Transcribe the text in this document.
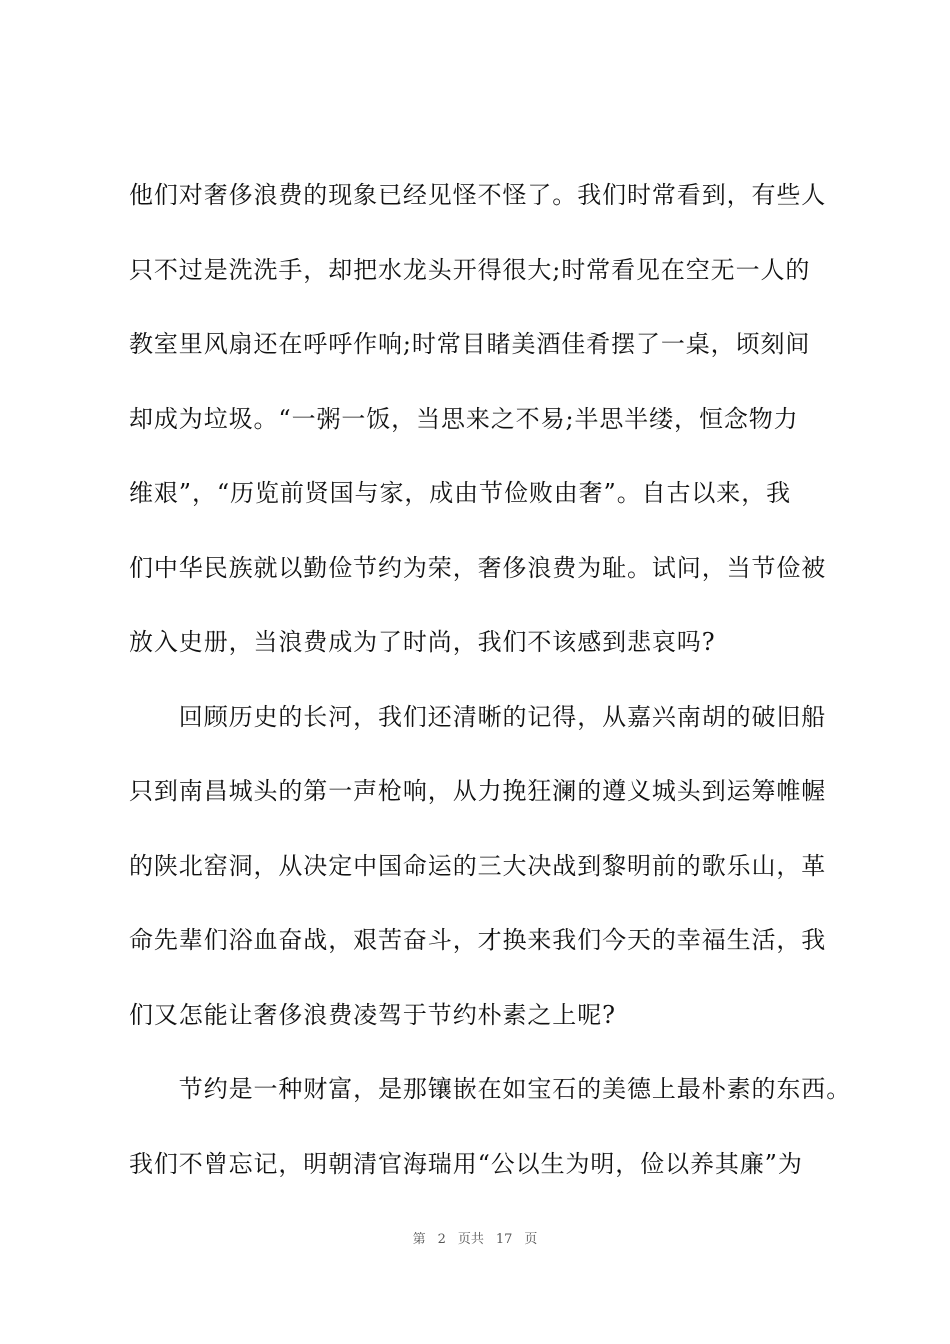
他们对奢侈浪费的现象已经见怪不怪了。我们时常看到，有些人
只不过是洗洗手，却把水龙头开得很大;时常看见在空无一人的
教室里风扇还在呼呼作响;时常目睹美酒佳肴摆了一桌，顷刻间
却成为垃圾。“一粥一饭，当思来之不易;半思半缕，恒念物力
维艰”，“历览前贤国与家，成由节俭败由奢”。自古以来，我
们中华民族就以勤俭节约为荣，奢侈浪费为耻。试问，当节俭被
放入史册，当浪费成为了时尚，我们不该感到悲哀吗?
　　回顾历史的长河，我们还清晰的记得，从嘉兴南胡的破旧船
只到南昌城头的第一声枪响，从力挽狂澜的遵义城头到运筹帷幄
的陕北窑洞，从决定中国命运的三大决战到黎明前的歌乐山，革
命先辈们浴血奋战，艰苦奋斗，才换来我们今天的幸福生活，我
们又怎能让奢侈浪费凌驾于节约朴素之上呢?
　　节约是一种财富，是那镶嵌在如宝石的美德上最朴素的东西。
我们不曾忘记，明朝清官海瑞用“公以生为明，俭以养其廉”为
第 2 页共 17 页
